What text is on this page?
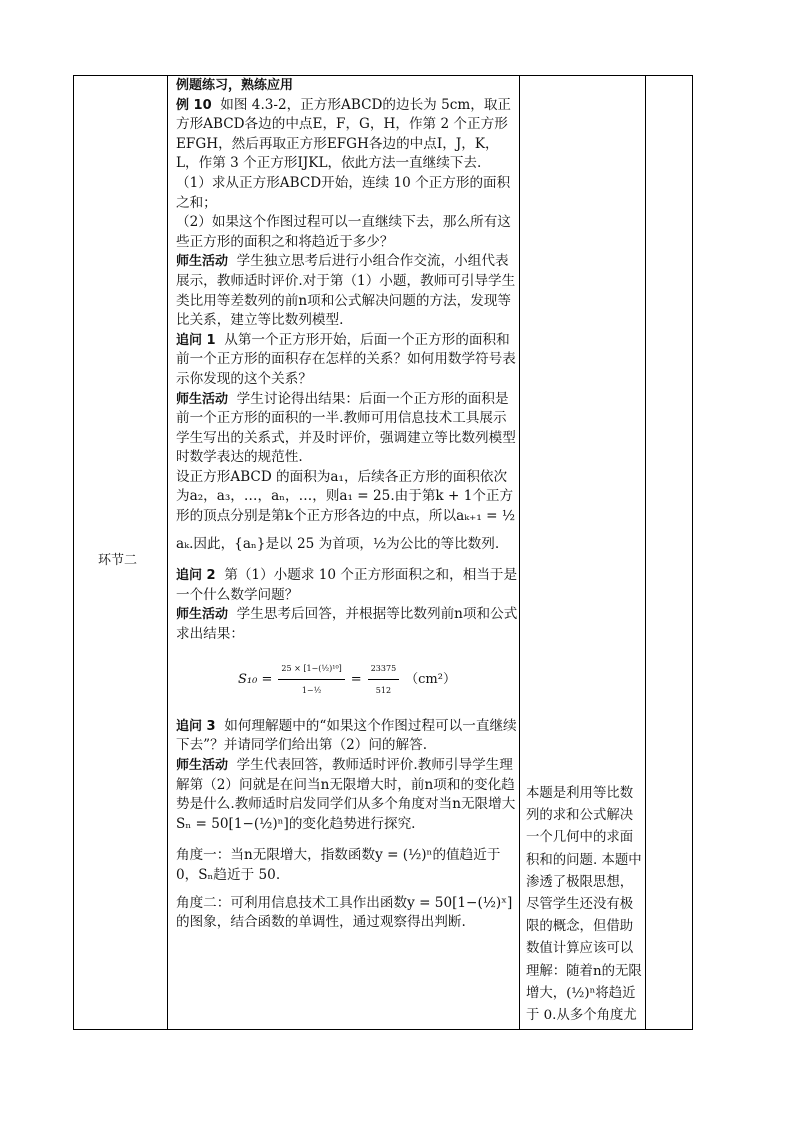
环节二

例题练习，熟练应用

例 10 如图 4.3-2，正方形ABCD的边长为 5cm，取正方形ABCD各边的中点E，F，G，H，作第 2 个正方形EFGH，然后再取正方形EFGH各边的中点I，J，K，L，作第 3 个正方形IJKL，依此方法一直继续下去.

（1）求从正方形ABCD开始，连续 10 个正方形的面积之和；

（2）如果这个作图过程可以一直继续下去，那么所有这些正方形的面积之和将趋近于多少？

师生活动 学生独立思考后进行小组合作交流，小组代表展示，教师适时评价.对于第（1）小题，教师可引导学生类比用等差数列的前n项和公式解决问题的方法，发现等比关系，建立等比数列模型.

追问 1 从第一个正方形开始，后面一个正方形的面积和前一个正方形的面积存在怎样的关系？如何用数学符号表示你发现的这个关系？

师生活动 学生讨论得出结果：后面一个正方形的面积是前一个正方形的面积的一半.教师可用信息技术工具展示学生写出的关系式，并及时评价，强调建立等比数列模型时数学表达的规范性.

设正方形ABCD 的面积为a₁，后续各正方形的面积依次为a₂，a₃，…，aₙ，…，则a₁ = 25.由于第k + 1个正方形的顶点分别是第k个正方形各边的中点，所以aₖ₊₁ = ½

aₖ.因此，{aₙ}是以 25 为首项，½为公比的等比数列.

追问 2 第（1）小题求 10 个正方形面积之和，相当于是一个什么数学问题？

师生活动 学生思考后回答，并根据等比数列前n项和公式求出结果：

$S_{10} = \frac{\text{25 × [1−(½)¹⁰]}}{\text{1−½}} = \frac{23375}{512} (cm^2)$

追问 3 如何理解题中的“如果这个作图过程可以一直继续下去”？并请同学们给出第（2）问的解答.

师生活动 学生代表回答，教师适时评价.教师引导学生理解第（2）问就是在问当n无限增大时，前n项和的变化趋势是什么.教师适时启发同学们从多个角度对当n无限增大Sₙ = 50[1−(½)ⁿ]的变化趋势进行探究.

角度一：当n无限增大，指数函数y = (½)ⁿ的值趋近于 0，Sₙ趋近于 50.

角度二：可利用信息技术工具作出函数y = 50[1−(½)ˣ]的图象，结合函数的单调性，通过观察得出判断.

本题是利用等比数列的求和公式解决一个几何中的求面积和的问题. 本题中渗透了极限思想，尽管学生还没有极限的概念，但借助数值计算应该可以理解：随着n的无限增大，(½)ⁿ将趋近于 0.从多个角度尤
